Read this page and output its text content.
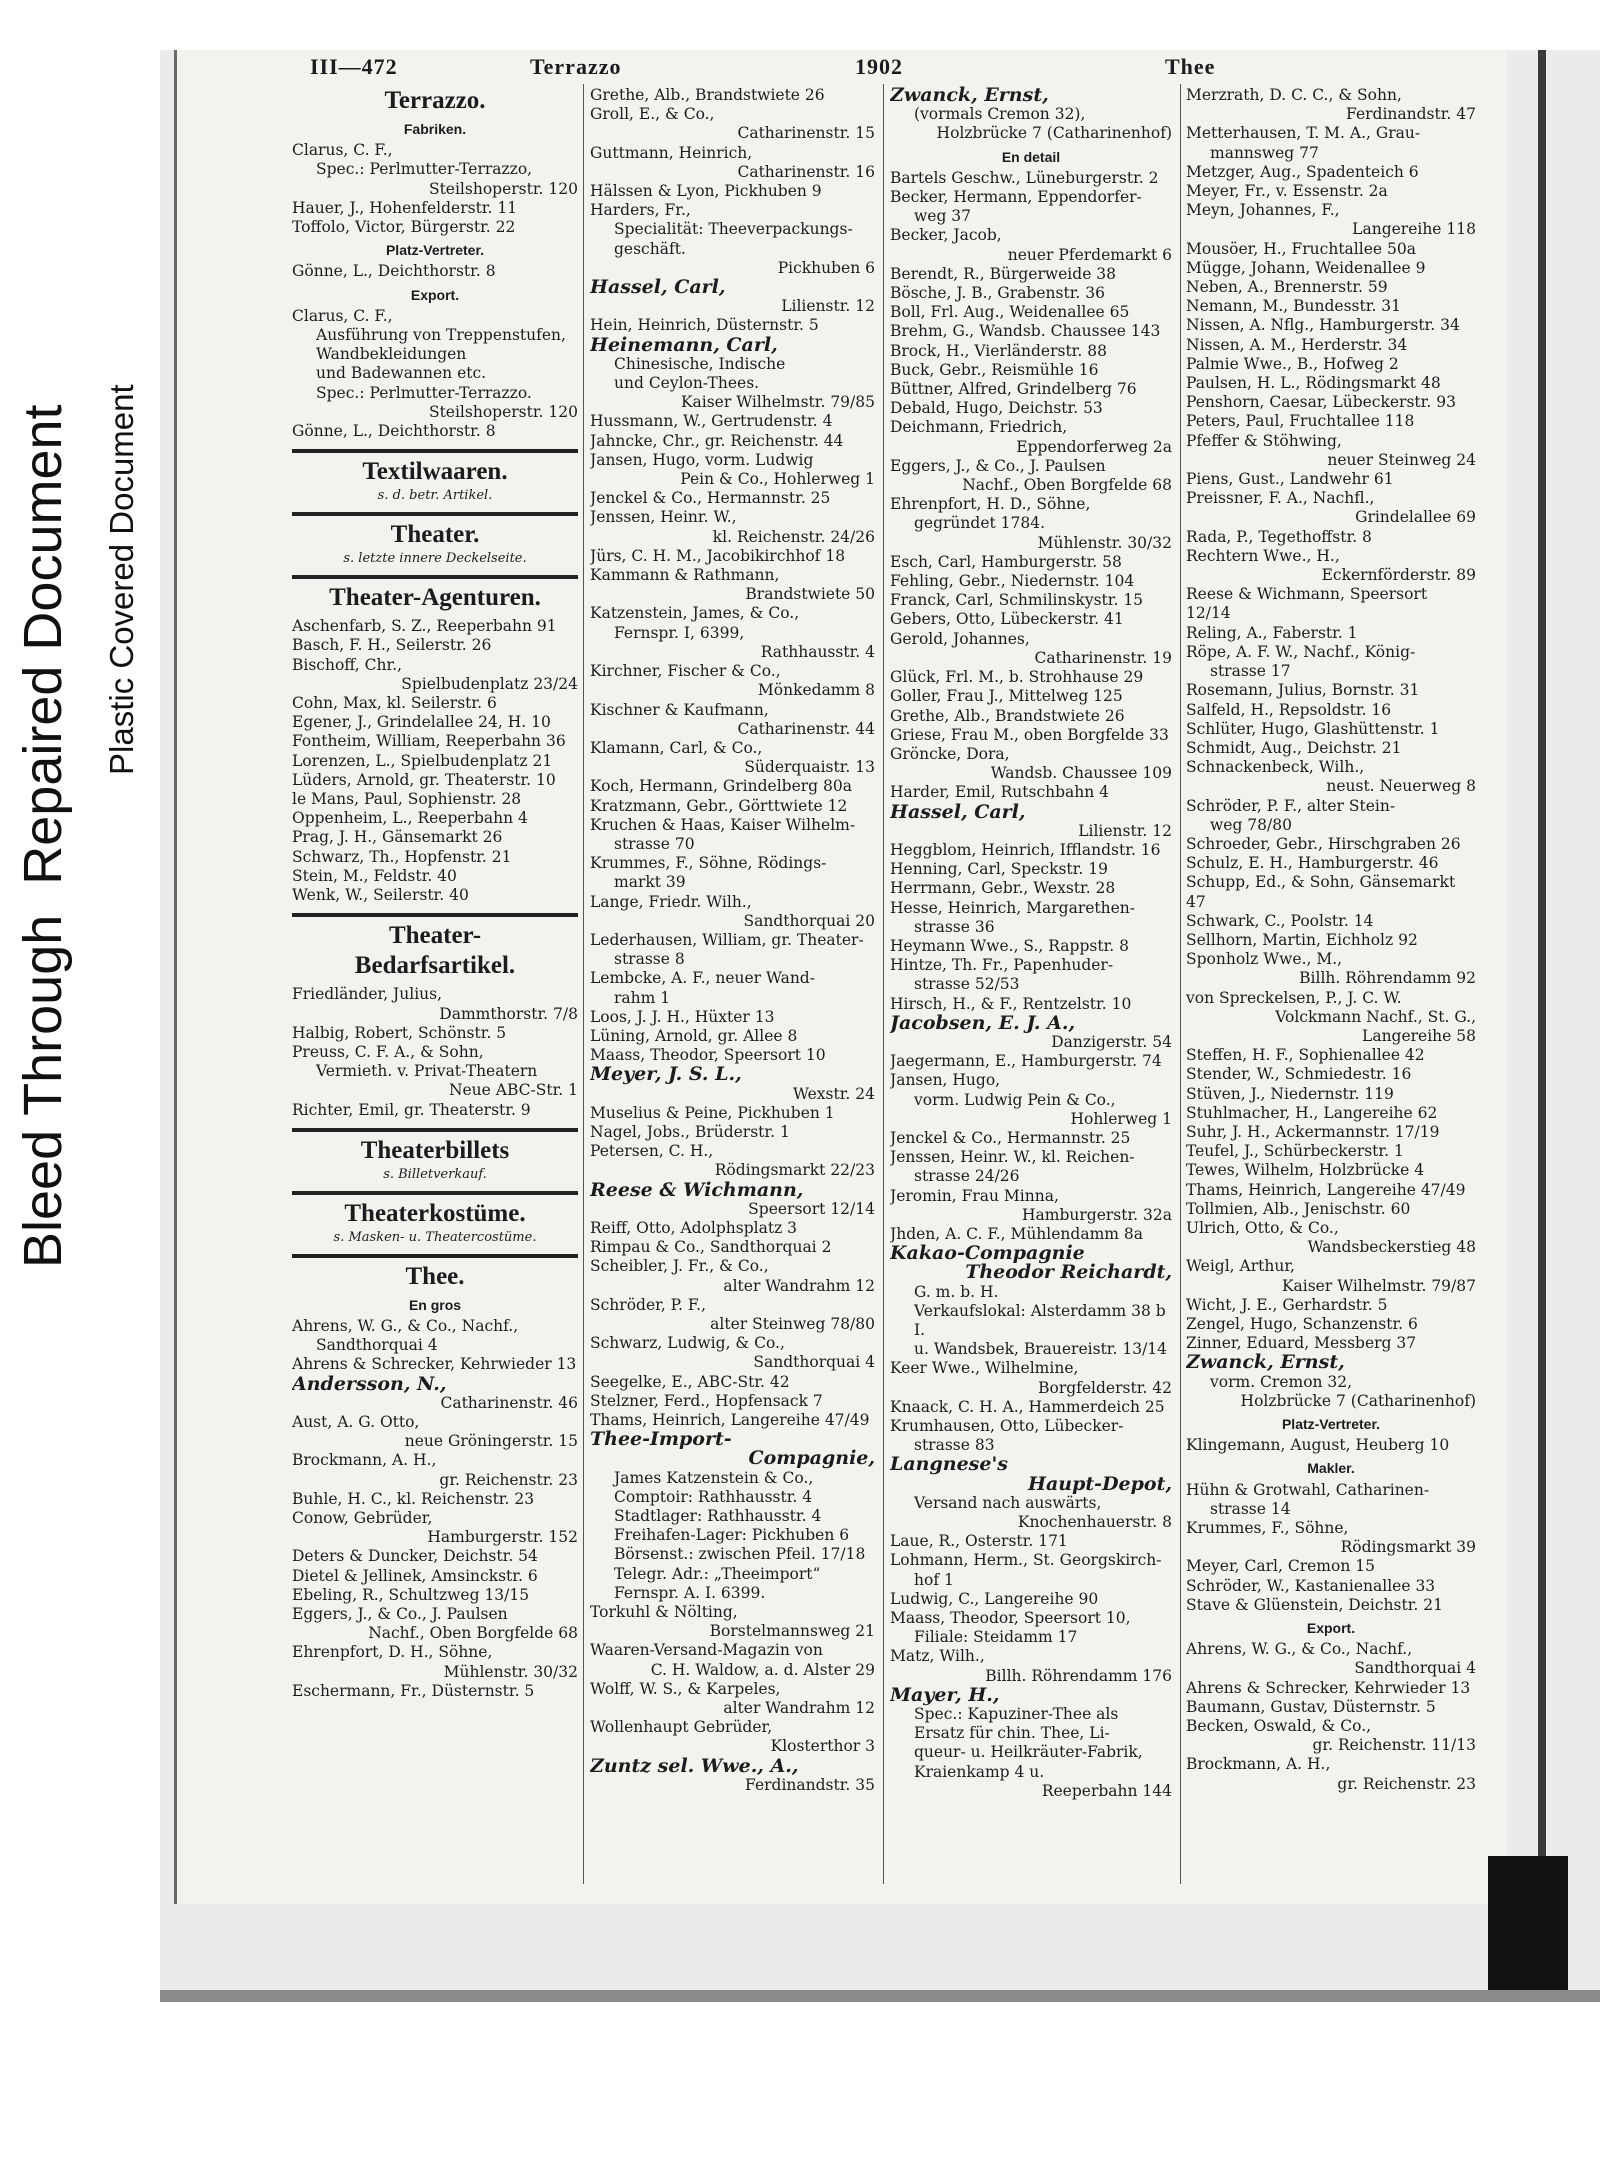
Bleed ThroughRepaired Document Plastic Covered Document
III—472	Terrazzo	1902	Thee
Terrazzo.
Fabriken.
Clarus, C. F.,
Spec.: Perlmutter-Terrazzo,
Steilshoperstr. 120
Hauer, J., Hohenfelderstr. 11
Toffolo, Victor, Bürgerstr. 22
Platz-Vertreter.
Gönne, L., Deichthorstr. 8
Export.
Clarus, C. F.,
Ausführung von Treppenstufen,
Wandbekleidungen
und Badewannen etc.
Spec.: Perlmutter-Terrazzo.
Steilshoperstr. 120
Gönne, L., Deichthorstr. 8
Textilwaaren.
s. d. betr. Artikel.
Theater.
s. letzte innere Deckelseite.
Theater-Agenturen.
Aschenfarb, S. Z., Reeperbahn 91
Basch, F. H., Seilerstr. 26
Bischoff, Chr.,
Spielbudenplatz 23/24
Cohn, Max, kl. Seilerstr. 6
Egener, J., Grindelallee 24, H. 10
Fontheim, William, Reeperbahn 36
Lorenzen, L., Spielbudenplatz 21
Lüders, Arnold, gr. Theaterstr. 10
le Mans, Paul, Sophienstr. 28
Oppenheim, L., Reeperbahn 4
Prag, J. H., Gänsemarkt 26
Schwarz, Th., Hopfenstr. 21
Stein, M., Feldstr. 40
Wenk, W., Seilerstr. 40
Theater-
Bedarfsartikel.
Friedländer, Julius,
Dammthorstr. 7/8
Halbig, Robert, Schönstr. 5
Preuss, C. F. A., & Sohn,
Vermieth. v. Privat-Theatern
Neue ABC-Str. 1
Richter, Emil, gr. Theaterstr. 9
Theaterbillets
s. Billetverkauf.
Theaterkostüme.
s. Masken- u. Theatercostüme.
Thee.
En gros
Ahrens, W. G., & Co., Nachf.,
Sandthorquai 4
Ahrens & Schrecker, Kehrwieder 13
Andersson, N.,
Catharinenstr. 46
Aust, A. G. Otto,
neue Gröningerstr. 15
Brockmann, A. H.,
gr. Reichenstr. 23
Buhle, H. C., kl. Reichenstr. 23
Conow, Gebrüder,
Hamburgerstr. 152
Deters & Duncker, Deichstr. 54
Dietel & Jellinek, Amsinckstr. 6
Ebeling, R., Schultzweg 13/15
Eggers, J., & Co., J. Paulsen
Nachf., Oben Borgfelde 68
Ehrenpfort, D. H., Söhne,
Mühlenstr. 30/32
Eschermann, Fr., Düsternstr. 5
Grethe, Alb., Brandstwiete 26
Groll, E., & Co.,
Catharinenstr. 15
Guttmann, Heinrich,
Catharinenstr. 16
Hälssen & Lyon, Pickhuben 9
Harders, Fr.,
Specialität: Theeverpackungs-
geschäft.
Pickhuben 6
Hassel, Carl,
Lilienstr. 12
Hein, Heinrich, Düsternstr. 5
Heinemann, Carl,
Chinesische, Indische
und Ceylon-Thees.
Kaiser Wilhelmstr. 79/85
Hussmann, W., Gertrudenstr. 4
Jahncke, Chr., gr. Reichenstr. 44
Jansen, Hugo, vorm. Ludwig
Pein & Co., Hohlerweg 1
Jenckel & Co., Hermannstr. 25
Jenssen, Heinr. W.,
kl. Reichenstr. 24/26
Jürs, C. H. M., Jacobikirchhof 18
Kammann & Rathmann,
Brandstwiete 50
Katzenstein, James, & Co.,
Fernspr. I, 6399,
Rathhausstr. 4
Kirchner, Fischer & Co.,
Mönkedamm 8
Kischner & Kaufmann,
Catharinenstr. 44
Klamann, Carl, & Co.,
Süderquaistr. 13
Koch, Hermann, Grindelberg 80a
Kratzmann, Gebr., Görttwiete 12
Kruchen & Haas, Kaiser Wilhelm-
strasse 70
Krummes, F., Söhne, Rödings-
markt 39
Lange, Friedr. Wilh.,
Sandthorquai 20
Lederhausen, William, gr. Theater-
strasse 8
Lembcke, A. F., neuer Wand-
rahm 1
Loos, J. J. H., Hüxter 13
Lüning, Arnold, gr. Allee 8
Maass, Theodor, Speersort 10
Meyer, J. S. L.,
Wexstr. 24
Muselius & Peine, Pickhuben 1
Nagel, Jobs., Brüderstr. 1
Petersen, C. H.,
Rödingsmarkt 22/23
Reese & Wichmann,
Speersort 12/14
Reiff, Otto, Adolphsplatz 3
Rimpau & Co., Sandthorquai 2
Scheibler, J. Fr., & Co.,
alter Wandrahm 12
Schröder, P. F.,
alter Steinweg 78/80
Schwarz, Ludwig, & Co.,
Sandthorquai 4
Seegelke, E., ABC-Str. 42
Stelzner, Ferd., Hopfensack 7
Thams, Heinrich, Langereihe 47/49
Thee-Import-
Compagnie,
James Katzenstein & Co.,
Comptoir: Rathhausstr. 4
Stadtlager: Rathhausstr. 4
Freihafen-Lager: Pickhuben 6
Börsenst.: zwischen Pfeil. 17/18
Telegr. Adr.: „Theeimport“
Fernspr. A. I. 6399.
Torkuhl & Nölting,
Borstelmannsweg 21
Waaren-Versand-Magazin von
C. H. Waldow, a. d. Alster 29
Wolff, W. S., & Karpeles,
alter Wandrahm 12
Wollenhaupt Gebrüder,
Klosterthor 3
Zuntz sel. Wwe., A.,
Ferdinandstr. 35
Zwanck, Ernst,
(vormals Cremon 32),
Holzbrücke 7 (Catharinenhof)
En detail
Bartels Geschw., Lüneburgerstr. 2
Becker, Hermann, Eppendorfer-
weg 37
Becker, Jacob,
neuer Pferdemarkt 6
Berendt, R., Bürgerweide 38
Bösche, J. B., Grabenstr. 36
Boll, Frl. Aug., Weidenallee 65
Brehm, G., Wandsb. Chaussee 143
Brock, H., Vierländerstr. 88
Buck, Gebr., Reismühle 16
Büttner, Alfred, Grindelberg 76
Debald, Hugo, Deichstr. 53
Deichmann, Friedrich,
Eppendorferweg 2a
Eggers, J., & Co., J. Paulsen
Nachf., Oben Borgfelde 68
Ehrenpfort, H. D., Söhne,
gegründet 1784.
Mühlenstr. 30/32
Esch, Carl, Hamburgerstr. 58
Fehling, Gebr., Niedernstr. 104
Franck, Carl, Schmilinskystr. 15
Gebers, Otto, Lübeckerstr. 41
Gerold, Johannes,
Catharinenstr. 19
Glück, Frl. M., b. Strohhause 29
Goller, Frau J., Mittelweg 125
Grethe, Alb., Brandstwiete 26
Griese, Frau M., oben Borgfelde 33
Gröncke, Dora,
Wandsb. Chaussee 109
Harder, Emil, Rutschbahn 4
Hassel, Carl,
Lilienstr. 12
Heggblom, Heinrich, Ifflandstr. 16
Henning, Carl, Speckstr. 19
Herrmann, Gebr., Wexstr. 28
Hesse, Heinrich, Margarethen-
strasse 36
Heymann Wwe., S., Rappstr. 8
Hintze, Th. Fr., Papenhuder-
strasse 52/53
Hirsch, H., & F., Rentzelstr. 10
Jacobsen, E. J. A.,
Danzigerstr. 54
Jaegermann, E., Hamburgerstr. 74
Jansen, Hugo,
vorm. Ludwig Pein & Co.,
Hohlerweg 1
Jenckel & Co., Hermannstr. 25
Jenssen, Heinr. W., kl. Reichen-
strasse 24/26
Jeromin, Frau Minna,
Hamburgerstr. 32a
Jhden, A. C. F., Mühlendamm 8a
Kakao-Compagnie
Theodor Reichardt,
G. m. b. H.
Verkaufslokal: Alsterdamm 38 b I.
u. Wandsbek, Brauereistr. 13/14
Keer Wwe., Wilhelmine,
Borgfelderstr. 42
Knaack, C. H. A., Hammerdeich 25
Krumhausen, Otto, Lübecker-
strasse 83
Langnese's
Haupt-Depot,
Versand nach auswärts,
Knochenhauerstr. 8
Laue, R., Osterstr. 171
Lohmann, Herm., St. Georgskirch-
hof 1
Ludwig, C., Langereihe 90
Maass, Theodor, Speersort 10,
Filiale: Steidamm 17
Matz, Wilh.,
Billh. Röhrendamm 176
Mayer, H.,
Spec.: Kapuziner-Thee als
Ersatz für chin. Thee, Li-
queur- u. Heilkräuter-Fabrik,
Kraienkamp 4 u.
Reeperbahn 144
Merzrath, D. C. C., & Sohn,
Ferdinandstr. 47
Metterhausen, T. M. A., Grau-
mannsweg 77
Metzger, Aug., Spadenteich 6
Meyer, Fr., v. Essenstr. 2a
Meyn, Johannes, F.,
Langereihe 118
Mousöer, H., Fruchtallee 50a
Mügge, Johann, Weidenallee 9
Neben, A., Brennerstr. 59
Nemann, M., Bundesstr. 31
Nissen, A. Nflg., Hamburgerstr. 34
Nissen, A. M., Herderstr. 34
Palmie Wwe., B., Hofweg 2
Paulsen, H. L., Rödingsmarkt 48
Penshorn, Caesar, Lübeckerstr. 93
Peters, Paul, Fruchtallee 118
Pfeffer & Stöhwing,
neuer Steinweg 24
Piens, Gust., Landwehr 61
Preissner, F. A., Nachfl.,
Grindelallee 69
Rada, P., Tegethoffstr. 8
Rechtern Wwe., H.,
Eckernförderstr. 89
Reese & Wichmann, Speersort 12/14
Reling, A., Faberstr. 1
Röpe, A. F. W., Nachf., König-
strasse 17
Rosemann, Julius, Bornstr. 31
Salfeld, H., Repsoldstr. 16
Schlüter, Hugo, Glashüttenstr. 1
Schmidt, Aug., Deichstr. 21
Schnackenbeck, Wilh.,
neust. Neuerweg 8
Schröder, P. F., alter Stein-
weg 78/80
Schroeder, Gebr., Hirschgraben 26
Schulz, E. H., Hamburgerstr. 46
Schupp, Ed., & Sohn, Gänsemarkt 47
Schwark, C., Poolstr. 14
Sellhorn, Martin, Eichholz 92
Sponholz Wwe., M.,
Billh. Röhrendamm 92
von Spreckelsen, P., J. C. W.
Volckmann Nachf., St. G.,
Langereihe 58
Steffen, H. F., Sophienallee 42
Stender, W., Schmiedestr. 16
Stüven, J., Niedernstr. 119
Stuhlmacher, H., Langereihe 62
Suhr, J. H., Ackermannstr. 17/19
Teufel, J., Schürbeckerstr. 1
Tewes, Wilhelm, Holzbrücke 4
Thams, Heinrich, Langereihe 47/49
Tollmien, Alb., Jenischstr. 60
Ulrich, Otto, & Co.,
Wandsbeckerstieg 48
Weigl, Arthur,
Kaiser Wilhelmstr. 79/87
Wicht, J. E., Gerhardstr. 5
Zengel, Hugo, Schanzenstr. 6
Zinner, Eduard, Messberg 37
Zwanck, Ernst,
vorm. Cremon 32,
Holzbrücke 7 (Catharinenhof)
Platz-Vertreter.
Klingemann, August, Heuberg 10
Makler.
Hühn & Grotwahl, Catharinen-
strasse 14
Krummes, F., Söhne,
Rödingsmarkt 39
Meyer, Carl, Cremon 15
Schröder, W., Kastanienallee 33
Stave & Glüenstein, Deichstr. 21
Export.
Ahrens, W. G., & Co., Nachf.,
Sandthorquai 4
Ahrens & Schrecker, Kehrwieder 13
Baumann, Gustav, Düsternstr. 5
Becken, Oswald, & Co.,
gr. Reichenstr. 11/13
Brockmann, A. H.,
gr. Reichenstr. 23
